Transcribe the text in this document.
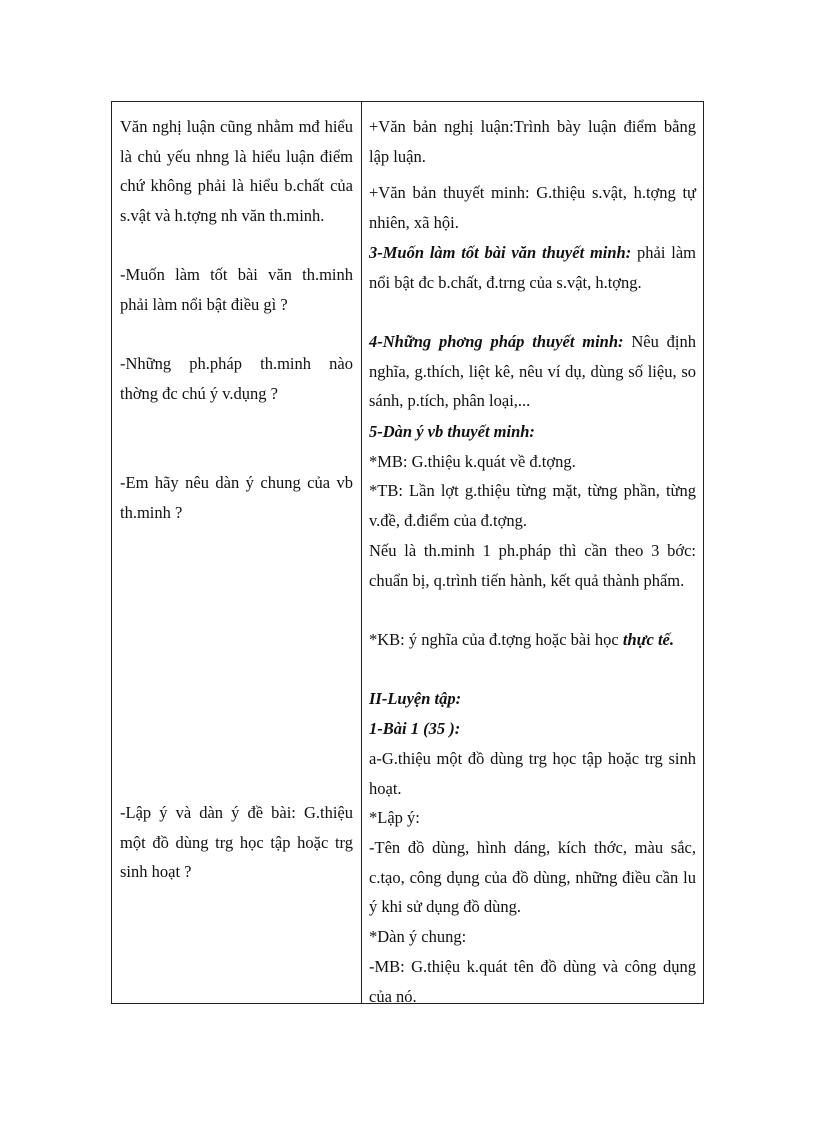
Văn nghị luận cũng nhằm mđ hiểu là chủ yếu nhng là hiểu luận điểm chứ không phải là hiểu b.chất của s.vật và h.tợng nh văn th.minh.

-Muốn làm tốt bài văn th.minh phải làm nổi bật điều gì ?

-Những ph.pháp th.minh nào thờng đc chú ý v.dụng ?

-Em hãy nêu dàn ý chung của vb th.minh ?

-Lập ý và dàn ý đề bài: G.thiệu một đồ dùng trg học tập hoặc trg sinh hoạt ?

+Văn bản nghị luận:Trình bày luận điểm bằng lập luận.

+Văn bản thuyết minh: G.thiệu s.vật, h.tợng tự nhiên, xã hội.

3-Muốn làm tốt bài văn thuyết minh: phải làm nổi bật đc b.chất, đ.trng của s.vật, h.tợng.

4-Những phơng pháp thuyết minh: Nêu định nghĩa, g.thích, liệt kê, nêu ví dụ, dùng số liệu, so sánh, p.tích, phân loại,...

5-Dàn ý vb thuyết minh:

*MB: G.thiệu k.quát về đ.tợng.

*TB: Lần lợt g.thiệu từng mặt, từng phần, từng v.đề, đ.điểm của đ.tợng.

Nếu là th.minh 1 ph.pháp thì cần theo 3 bớc: chuẩn bị, q.trình tiến hành, kết quả thành phẩm.

*KB: ý nghĩa của đ.tợng hoặc bài học thực tế.

II-Luyện tập:

1-Bài 1 (35 ):

a-G.thiệu một đồ dùng trg học tập hoặc trg sinh hoạt.

*Lập ý:

-Tên đồ dùng, hình dáng, kích thớc, màu sắc, c.tạo, công dụng của đồ dùng, những điều cần lu ý khi sử dụng đồ dùng.

*Dàn ý chung:

-MB: G.thiệu k.quát tên đồ dùng và công dụng của nó.
